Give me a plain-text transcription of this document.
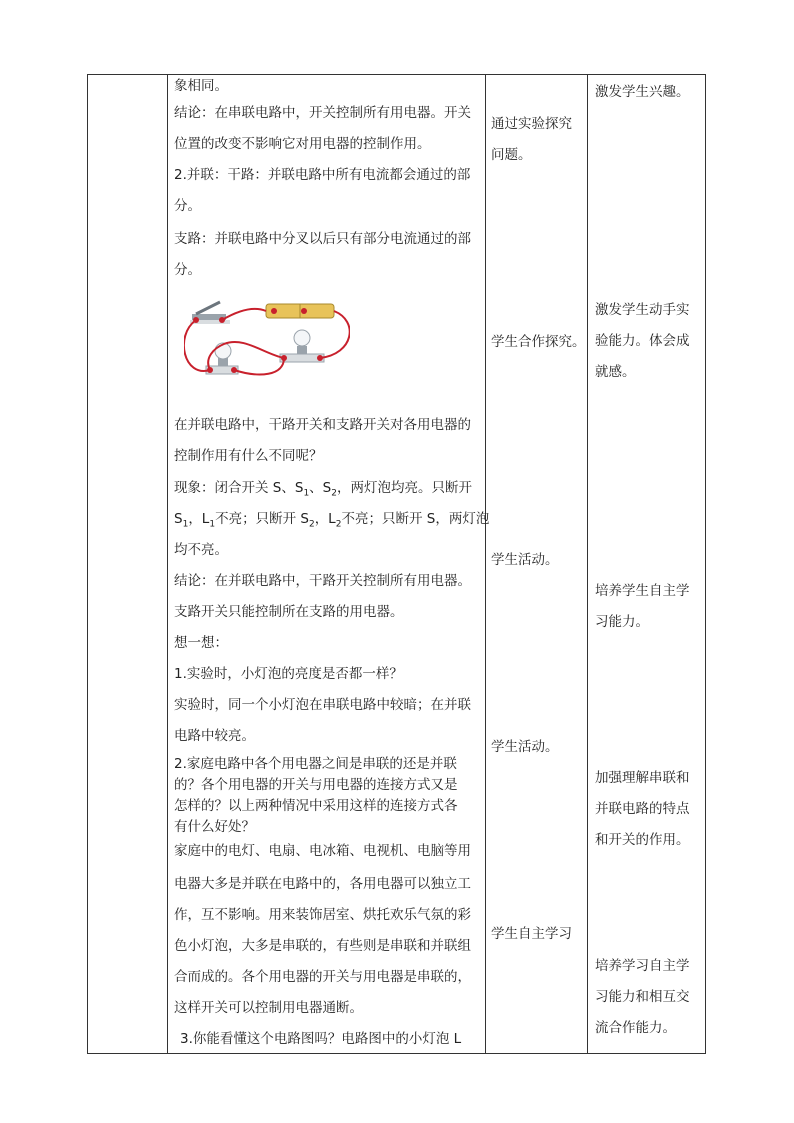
象相同。
结论：在串联电路中，开关控制所有用电器。开关
位置的改变不影响它对用电器的控制作用。
2.并联：干路：并联电路中所有电流都会通过的部
分。
支路：并联电路中分叉以后只有部分电流通过的部
分。
在并联电路中，干路开关和支路开关对各用电器的
控制作用有什么不同呢？
现象：闭合开关 S、$S_1$、$S_2$，两灯泡均亮。只断开
$S_1$，$L_1$不亮；只断开 $S_2$，$L_2$不亮；只断开 S，两灯泡
均不亮。
结论：在并联电路中，干路开关控制所有用电器。
支路开关只能控制所在支路的用电器。
想一想：
1.实验时，小灯泡的亮度是否都一样？
实验时，同一个小灯泡在串联电路中较暗；在并联
电路中较亮。
2.家庭电路中各个用电器之间是串联的还是并联
的？各个用电器的开关与用电器的连接方式又是
怎样的？以上两种情况中采用这样的连接方式各
有什么好处？
家庭中的电灯、电扇、电冰箱、电视机、电脑等用
电器大多是并联在电路中的，各用电器可以独立工
作，互不影响。用来装饰居室、烘托欢乐气氛的彩
色小灯泡，大多是串联的，有些则是串联和并联组
合而成的。各个用电器的开关与用电器是串联的，
这样开关可以控制用电器通断。
3.你能看懂这个电路图吗？电路图中的小灯泡 L
通过实验探究
问题。
学生合作探究。
学生活动。
学生活动。
学生自主学习
激发学生兴趣。
激发学生动手实
验能力。体会成
就感。
培养学生自主学
习能力。
加强理解串联和
并联电路的特点
和开关的作用。
培养学习自主学
习能力和相互交
流合作能力。
